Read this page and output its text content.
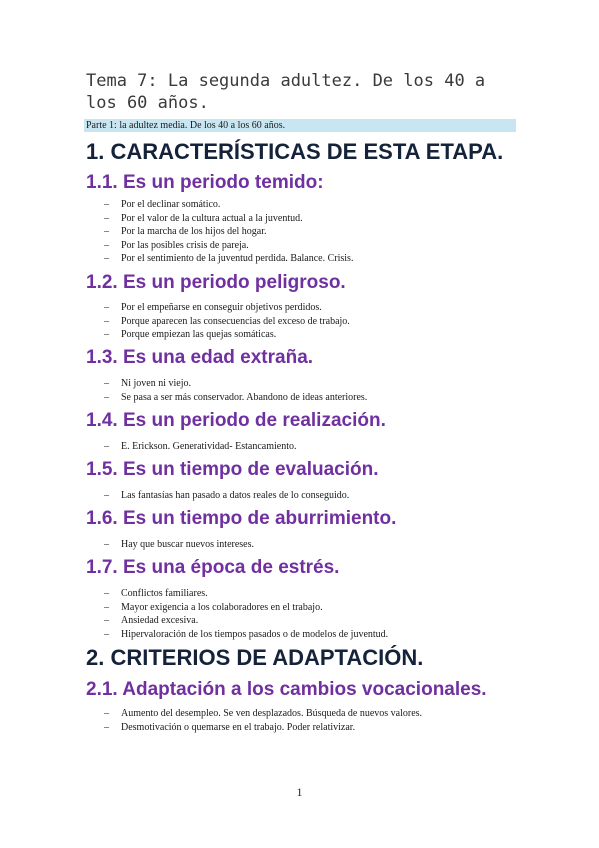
Tema 7: La segunda adultez. De los 40 a los 60 años.
Parte 1: la adultez media. De los 40 a los 60 años.
1. CARACTERÍSTICAS DE ESTA ETAPA.
1.1. Es un periodo temido:
– Por el declinar somático.
– Por el valor de la cultura actual a la juventud.
– Por la marcha de los hijos del hogar.
– Por las posibles crisis de pareja.
– Por el sentimiento de la juventud perdida. Balance. Crisis.
1.2. Es un periodo peligroso.
– Por el empeñarse en conseguir objetivos perdidos.
– Porque aparecen las consecuencias del exceso de trabajo.
– Porque empiezan las quejas somáticas.
1.3. Es una edad extraña.
– Ni joven ni viejo.
– Se pasa a ser más conservador. Abandono de ideas anteriores.
1.4. Es un periodo de realización.
– E. Erickson. Generatividad- Estancamiento.
1.5. Es un tiempo de evaluación.
– Las fantasías han pasado a datos reales de lo conseguido.
1.6. Es un tiempo de aburrimiento.
– Hay que buscar nuevos intereses.
1.7. Es una época de estrés.
– Conflictos familiares.
– Mayor exigencia a los colaboradores en el trabajo.
– Ansiedad excesiva.
– Hipervaloración de los tiempos pasados o de modelos de juventud.
2. CRITERIOS DE ADAPTACIÓN.
2.1. Adaptación a los cambios vocacionales.
– Aumento del desempleo. Se ven desplazados. Búsqueda de nuevos valores.
– Desmotivación o quemarse en el trabajo. Poder relativizar.
1
